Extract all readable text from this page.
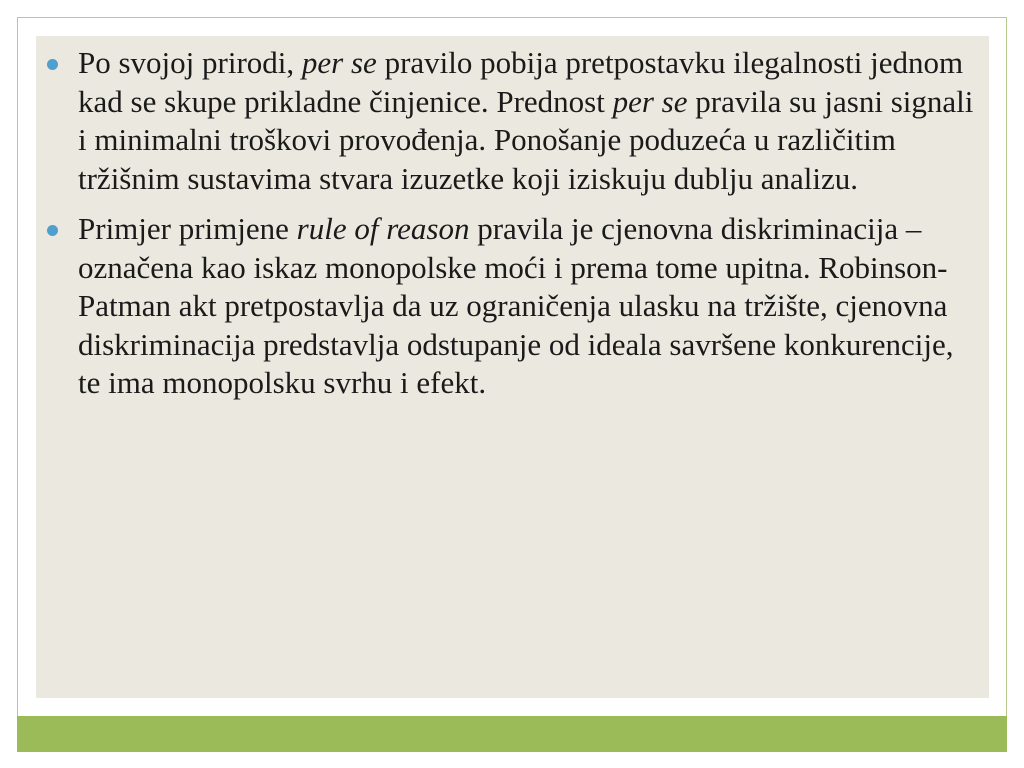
Po svojoj prirodi, per se pravilo pobija pretpostavku ilegalnosti jednom kad se skupe prikladne činjenice. Prednost per se pravila su jasni signali i minimalni troškovi provođenja. Ponošanje poduzeća u različitim tržišnim sustavima stvara izuzetke koji iziskuju dublju analizu.
Primjer primjene rule of reason pravila je cjenovna diskriminacija – označena kao iskaz monopolske moći i prema tome upitna. Robinson-Patman akt pretpostavlja da uz ograničenja ulasku na tržište, cjenovna diskriminacija predstavlja odstupanje od ideala savršene konkurencije, te ima monopolsku svrhu i efekt.
